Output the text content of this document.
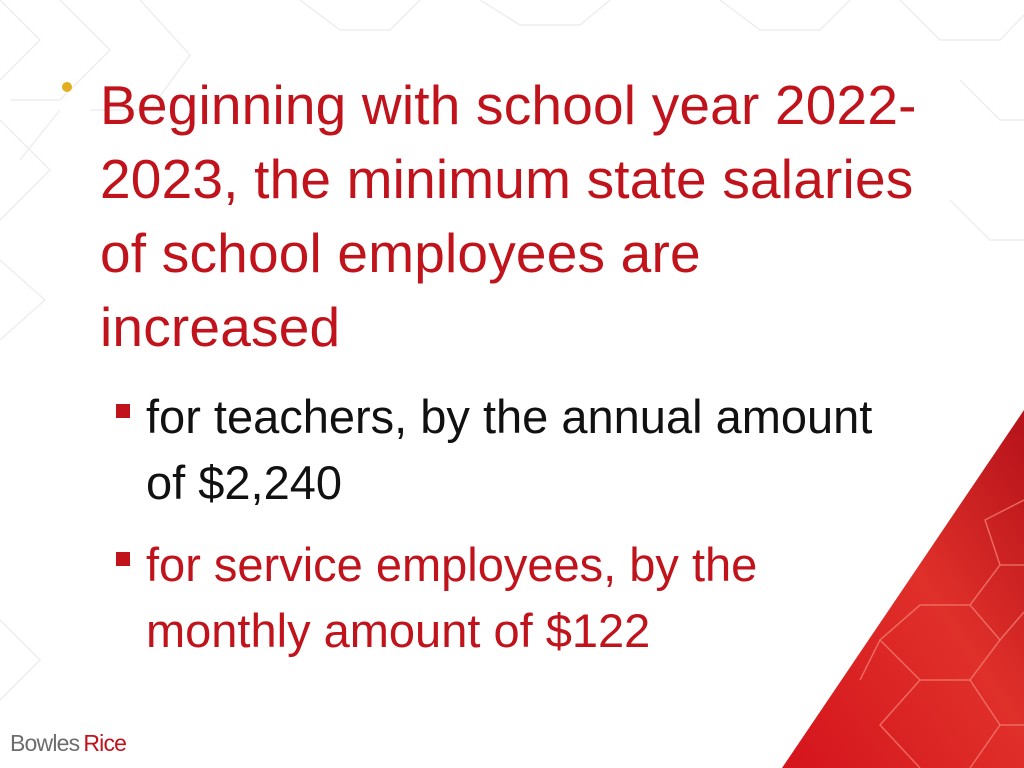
Beginning with school year 2022-2023, the minimum state salaries of school employees are increased
for teachers, by the annual amount of $2,240
for service employees, by the monthly amount of $122
Bowles Rice
